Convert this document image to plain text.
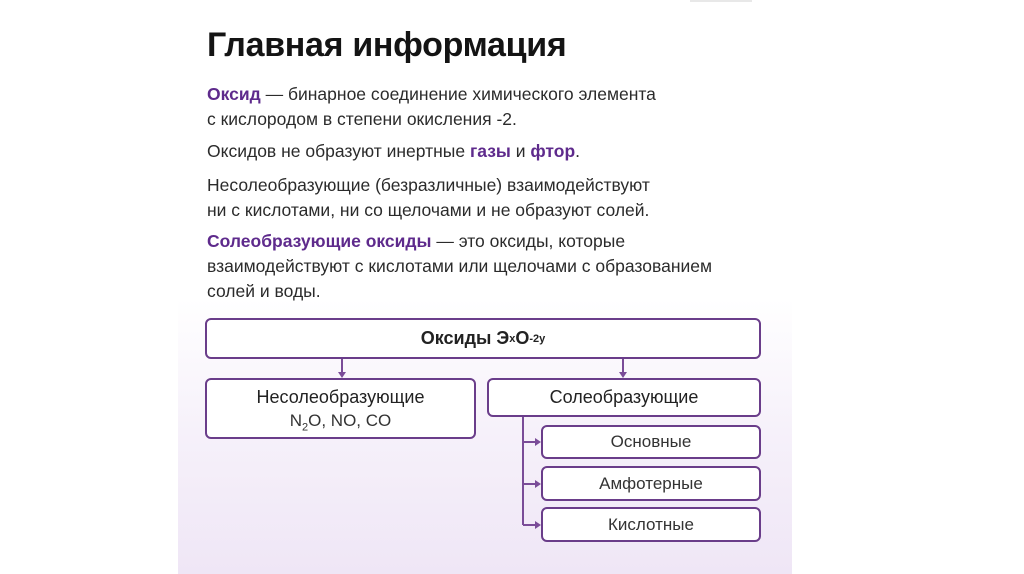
Главная информация

Оксид — бинарное соединение химического элемента
с кислородом в степени окисления -2.

Оксидов не образуют инертные газы и фтор.

Несолеобразующие (безразличные) взаимодействуют
ни с кислотами, ни со щелочами и не образуют солей.

Солеобразующие оксиды — это оксиды, которые
взаимодействуют с кислотами или щелочами с образованием
солей и воды.

Оксиды Э x O -2 y
Несолеобразующие
$N_2O$, NO, CO
Солеобразующие
Основные
Амфотерные
Кислотные
